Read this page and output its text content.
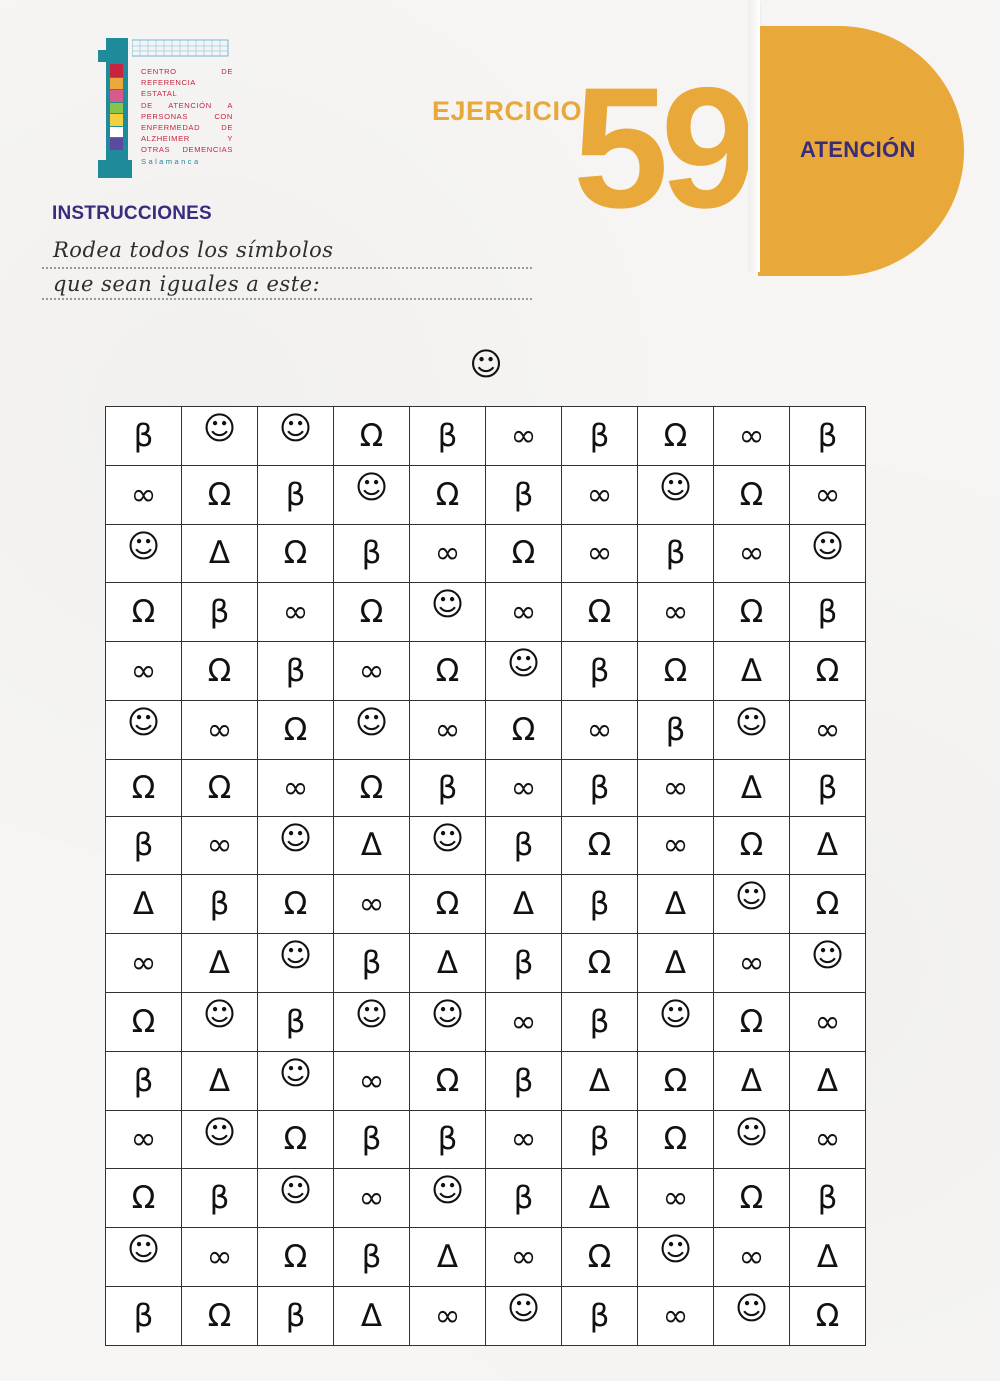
CENTRO DE
REFERENCIA ESTATAL
DE ATENCIÓN A
PERSONAS CON
ENFERMEDAD DE
ALZHEIMER Y
OTRAS DEMENCIAS
Salamanca
EJERCICIO
59 ATENCIÓN
INSTRUCCIONES
Rodea todos los símbolos
que sean iguales a este:
☺
β	☺	☺	Ω	β	∞	β	Ω	∞	β
∞	Ω	β	☺	Ω	β	∞	☺	Ω	∞
☺	Δ	Ω	β	∞	Ω	∞	β	∞	☺
Ω	β	∞	Ω	☺	∞	Ω	∞	Ω	β
∞	Ω	β	∞	Ω	☺	β	Ω	Δ	Ω
☺	∞	Ω	☺	∞	Ω	∞	β	☺	∞
Ω	Ω	∞	Ω	β	∞	β	∞	Δ	β
β	∞	☺	Δ	☺	β	Ω	∞	Ω	Δ
Δ	β	Ω	∞	Ω	Δ	β	Δ	☺	Ω
∞	Δ	☺	β	Δ	β	Ω	Δ	∞	☺
Ω	☺	β	☺	☺	∞	β	☺	Ω	∞
β	Δ	☺	∞	Ω	β	Δ	Ω	Δ	Δ
∞	☺	Ω	β	β	∞	β	Ω	☺	∞
Ω	β	☺	∞	☺	β	Δ	∞	Ω	β
☺	∞	Ω	β	Δ	∞	Ω	☺	∞	Δ
β	Ω	β	Δ	∞	☺	β	∞	☺	Ω
